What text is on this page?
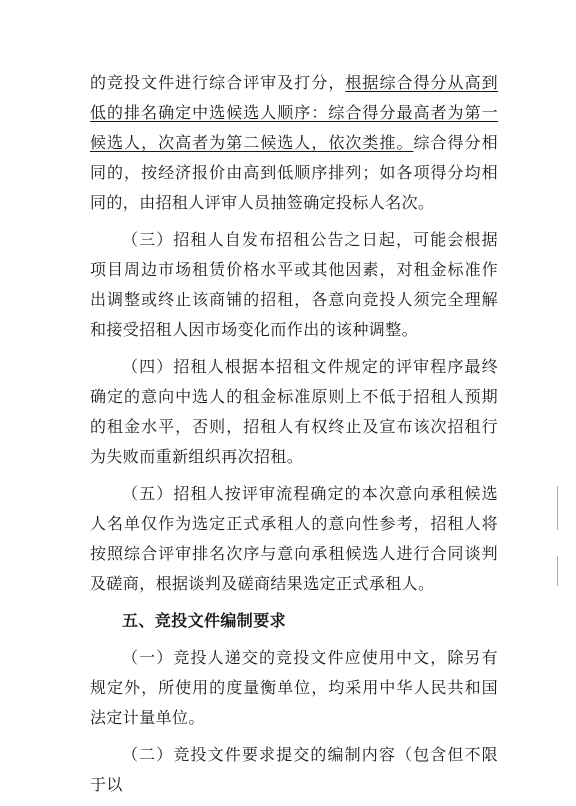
的竞投文件进行综合评审及打分，根据综合得分从高到低的排名确定中选候选人顺序：综合得分最高者为第一候选人，次高者为第二候选人，依次类推。综合得分相同的，按经济报价由高到低顺序排列；如各项得分均相同的，由招租人评审人员抽签确定投标人名次。

（三）招租人自发布招租公告之日起，可能会根据项目周边市场租赁价格水平或其他因素，对租金标准作出调整或终止该商铺的招租，各意向竞投人须完全理解和接受招租人因市场变化而作出的该种调整。

（四）招租人根据本招租文件规定的评审程序最终确定的意向中选人的租金标准原则上不低于招租人预期的租金水平，否则，招租人有权终止及宣布该次招租行为失败而重新组织再次招租。

（五）招租人按评审流程确定的本次意向承租候选人名单仅作为选定正式承租人的意向性参考，招租人将按照综合评审排名次序与意向承租候选人进行合同谈判及磋商，根据谈判及磋商结果选定正式承租人。

五、竞投文件编制要求

（一）竞投人递交的竞投文件应使用中文，除另有规定外，所使用的度量衡单位，均采用中华人民共和国法定计量单位。

（二）竞投文件要求提交的编制内容（包含但不限于以
